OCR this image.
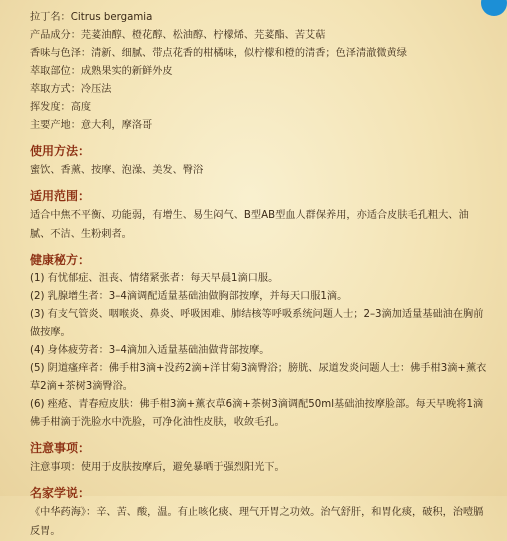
拉丁名：Citrus bergamia
产品成分：芫荽油醇、橙花醇、松油醇、柠檬烯、芫荽酯、苦艾萜
香味与色泽：清新、细腻、带点花香的柑橘味，似柠檬和橙的清香；色泽清澈微黄绿
萃取部位：成熟果实的新鲜外皮
萃取方式：冷压法
挥发度：高度
主要产地：意大利，摩洛哥
使用方法：
蜜饮、香薰、按摩、泡澡、美发、臀浴
适用范围：
适合中焦不平衡、功能弱，有增生、易生闷气、B型AB型血人群保养用，亦适合皮肤毛孔粗大、油腻、不洁、生粉刺者。
健康秘方：
(1) 有忧郁症、沮丧、情绪紧张者：每天早晨1滴口服。
(2) 乳腺增生者：3–4滴调配适量基础油做胸部按摩，并每天口服1滴。
(3) 有支气管炎、咽喉炎、鼻炎、呼吸困难、肺结核等呼吸系统问题人士；2–3滴加适量基础油在胸前做按摩。
(4) 身体疲劳者：3–4滴加入适量基础油做背部按摩。
(5) 阴道瘙痒者：佛手柑3滴+没药2滴+洋甘菊3滴臀浴；膀胱、尿道发炎问题人士：佛手柑3滴+薰衣草2滴+茶树3滴臀浴。
(6) 痤疮、青春痘皮肤：佛手柑3滴+薰衣草6滴+茶树3滴调配50ml基础油按摩脸部。每天早晚将1滴佛手柑滴于洗脸水中洗脸，可净化油性皮肤，收敛毛孔。
注意事项：
注意事项：使用于皮肤按摩后，避免暴晒于强烈阳光下。
名家学说：
《中华药海》：辛、苦、酸，温。有止咳化痰、理气开胃之功效。治气舒肝，和胃化痰，破积，治噎膈反胃。
